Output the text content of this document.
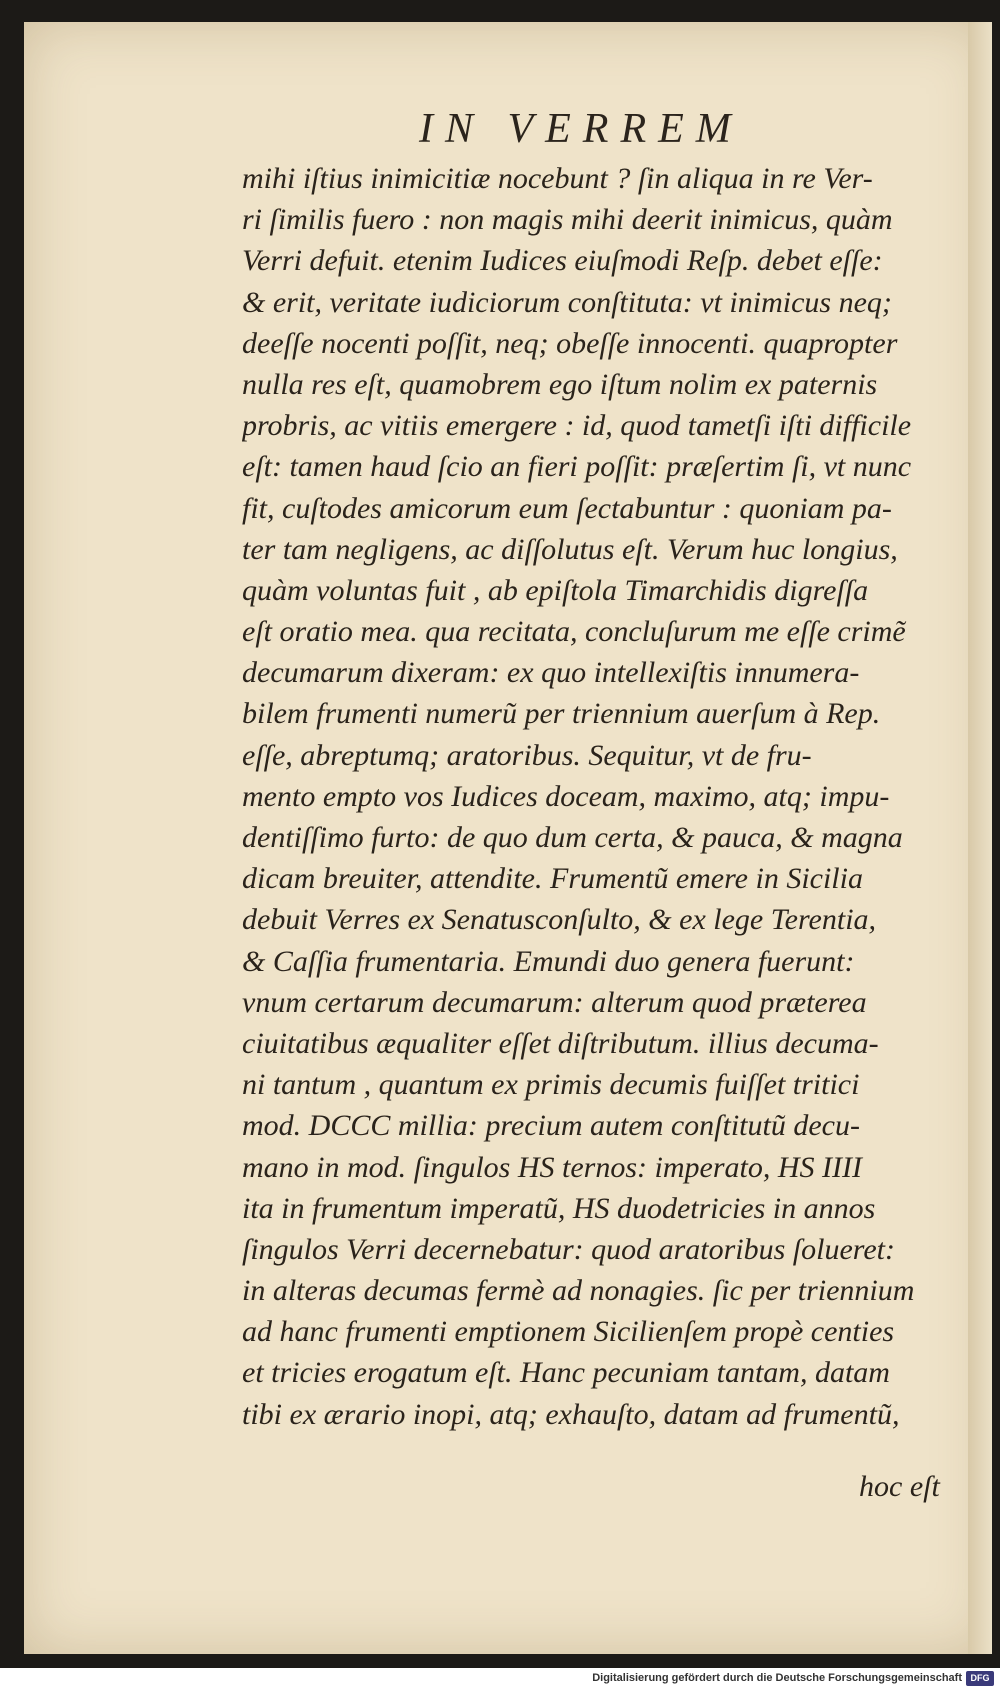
IN VERREM
mihi iſtius inimicitiæ nocebunt ? ſin aliqua in re Ver-
ri ſimilis fuero : non magis mihi deerit inimicus, quàm
Verri defuit. etenim Iudices eiuſmodi Reſp. debet eſſe:
& erit, veritate iudiciorum conſtituta: vt inimicus neq;
deeſſe nocenti poſſit, neq; obeſſe innocenti. quapropter
nulla res eſt, quamobrem ego iſtum nolim ex paternis
probris, ac vitiis emergere : id, quod tametſi iſti difficile
eſt: tamen haud ſcio an fieri poſſit: præſertim ſi, vt nunc
fit, cuſtodes amicorum eum ſectabuntur : quoniam pa-
ter tam negligens, ac diſſolutus eſt. Verum huc longius,
quàm voluntas fuit , ab epiſtola Timarchidis digreſſa
eſt oratio mea. qua recitata, concluſurum me eſſe crimẽ
decumarum dixeram: ex quo intellexiſtis innumera-
bilem frumenti numerũ per triennium auerſum à Rep.
eſſe, abreptumq; aratoribus. Sequitur, vt de fru-
mento empto vos Iudices doceam, maximo, atq; impu-
dentiſſimo furto: de quo dum certa, & pauca, & magna
dicam breuiter, attendite. Frumentũ emere in Sicilia
debuit Verres ex Senatusconſulto, & ex lege Terentia,
& Caſſia frumentaria. Emundi duo genera fuerunt:
vnum certarum decumarum: alterum quod præterea
ciuitatibus æqualiter eſſet diſtributum. illius decuma-
ni tantum , quantum ex primis decumis fuiſſet tritici
mod. DCCC millia: precium autem conſtitutũ decu-
mano in mod. ſingulos HS ternos: imperato, HS IIII
ita in frumentum imperatũ, HS duodetricies in annos
ſingulos Verri decernebatur: quod aratoribus ſolueret:
in alteras decumas fermè ad nonagies. ſic per triennium
ad hanc frumenti emptionem Sicilienſem propè centies
et tricies erogatum eſt. Hanc pecuniam tantam, datam
tibi ex ærario inopi, atq; exhauſto, datam ad frumentũ,
hoc eſt
Digitalisierung gefördert durch die Deutsche Forschungsgemeinschaft DFG
